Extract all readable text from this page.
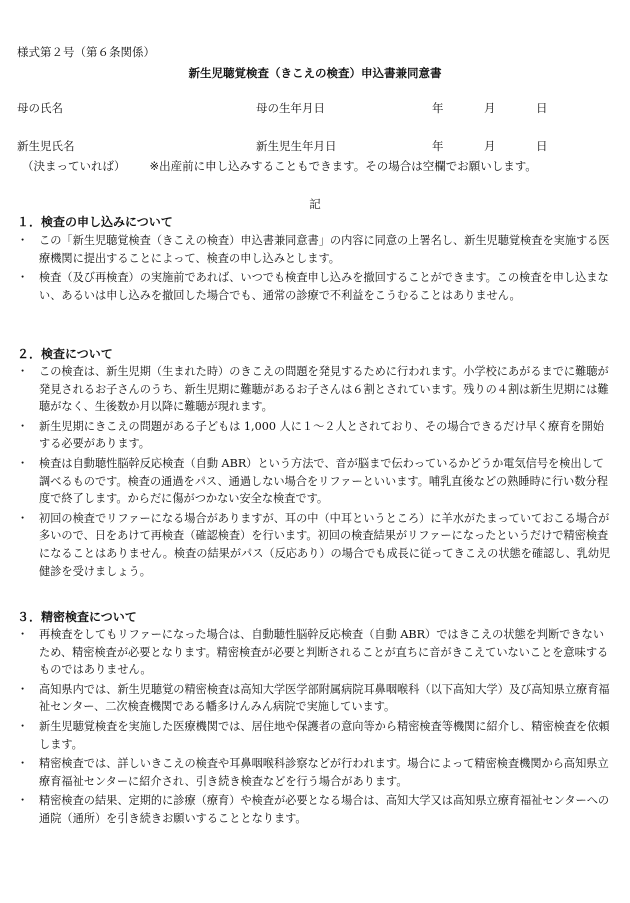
様式第２号（第６条関係）
新生児聴覚検査（きこえの検査）申込書兼同意書
母の氏名	母の生年月日	年	月	日
新生児氏名	新生児生年月日	年	月	日
（決まっていれば） ※出産前に申し込みすることもできます。その場合は空欄でお願いします。
記
１．検査の申し込みについて
・ この「新生児聴覚検査（きこえの検査）申込書兼同意書」の内容に同意の上署名し、新生児聴覚検査を実施する医療機関に提出することによって、検査の申し込みとします。
・ 検査（及び再検査）の実施前であれば、いつでも検査申し込みを撤回することができます。この検査を申し込まない、あるいは申し込みを撤回した場合でも、通常の診療で不利益をこうむることはありません。
２．検査について
・ この検査は、新生児期（生まれた時）のきこえの問題を発見するために行われます。小学校にあがるまでに難聴が発見されるお子さんのうち、新生児期に難聴があるお子さんは６割とされています。残りの４割は新生児期には難聴がなく、生後数か月以降に難聴が現れます。
・ 新生児期にきこえの問題がある子どもは 1,000 人に１～２人とされており、その場合できるだけ早く療育を開始する必要があります。
・ 検査は自動聴性脳幹反応検査（自動 ABR）という方法で、音が脳まで伝わっているかどうか電気信号を検出して調べるものです。検査の通過をパス、通過しない場合をリファーといいます。哺乳直後などの熟睡時に行い数分程度で終了します。からだに傷がつかない安全な検査です。
・ 初回の検査でリファーになる場合がありますが、耳の中（中耳というところ）に羊水がたまっていておこる場合が多いので、日をあけて再検査（確認検査）を行います。初回の検査結果がリファーになったというだけで精密検査になることはありません。検査の結果がパス（反応あり）の場合でも成長に従ってきこえの状態を確認し、乳幼児健診を受けましょう。
３．精密検査について
・ 再検査をしてもリファーになった場合は、自動聴性脳幹反応検査（自動 ABR）ではきこえの状態を判断できないため、精密検査が必要となります。精密検査が必要と判断されることが直ちに音がきこえていないことを意味するものではありません。
・ 高知県内では、新生児聴覚の精密検査は高知大学医学部附属病院耳鼻咽喉科（以下高知大学）及び高知県立療育福祉センター、二次検査機関である幡多けんみん病院で実施しています。
・ 新生児聴覚検査を実施した医療機関では、居住地や保護者の意向等から精密検査等機関に紹介し、精密検査を依頼します。
・ 精密検査では、詳しいきこえの検査や耳鼻咽喉科診察などが行われます。場合によって精密検査機関から高知県立療育福祉センターに紹介され、引き続き検査などを行う場合があります。
・ 精密検査の結果、定期的に診療（療育）や検査が必要となる場合は、高知大学又は高知県立療育福祉センターへの通院（通所）を引き続きお願いすることとなります。
